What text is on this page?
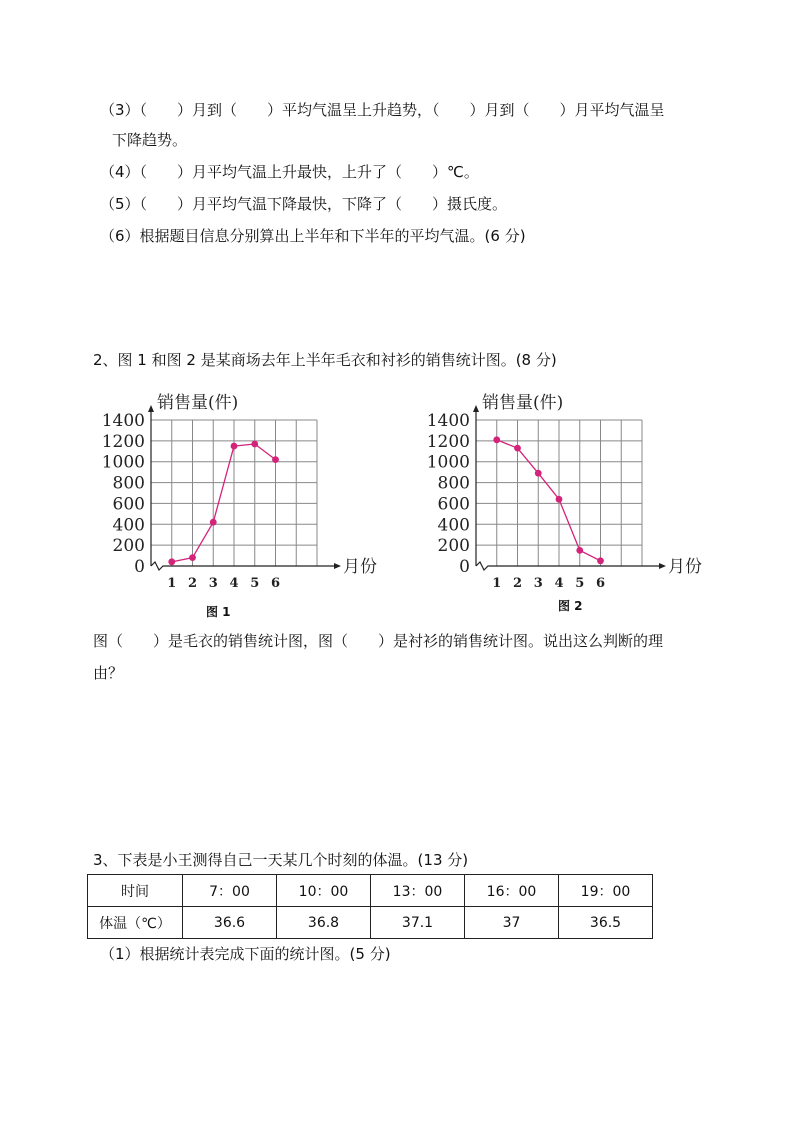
（3）（　　）月到（　　）平均气温呈上升趋势，（　　）月到（　　）月平均气温呈
下降趋势。
（4）（　　）月平均气温上升最快，上升了（　　）℃。
（5）（　　）月平均气温下降最快，下降了（　　）摄氏度。
（6）根据题目信息分别算出上半年和下半年的平均气温。(6 分)
2、图 1 和图 2 是某商场去年上半年毛衣和衬衫的销售统计图。(8 分)
0
200
400
600
800
1000
1200
1400
1 2 3 4 5 6
销售量(件)
月份
图 1
0
200
400
600
800
1000
1200
1400
1 2 3 4 5 6
销售量(件)
月份
图 2
图（　　）是毛衣的销售统计图，图（　　）是衬衫的销售统计图。说出这么判断的理
由？
3、下表是小王测得自己一天某几个时刻的体温。(13 分)
时间	7：00	10：00	13：00	16：00	19：00
体温（℃）	36.6	36.8	37.1	37	36.5
（1）根据统计表完成下面的统计图。(5 分)
